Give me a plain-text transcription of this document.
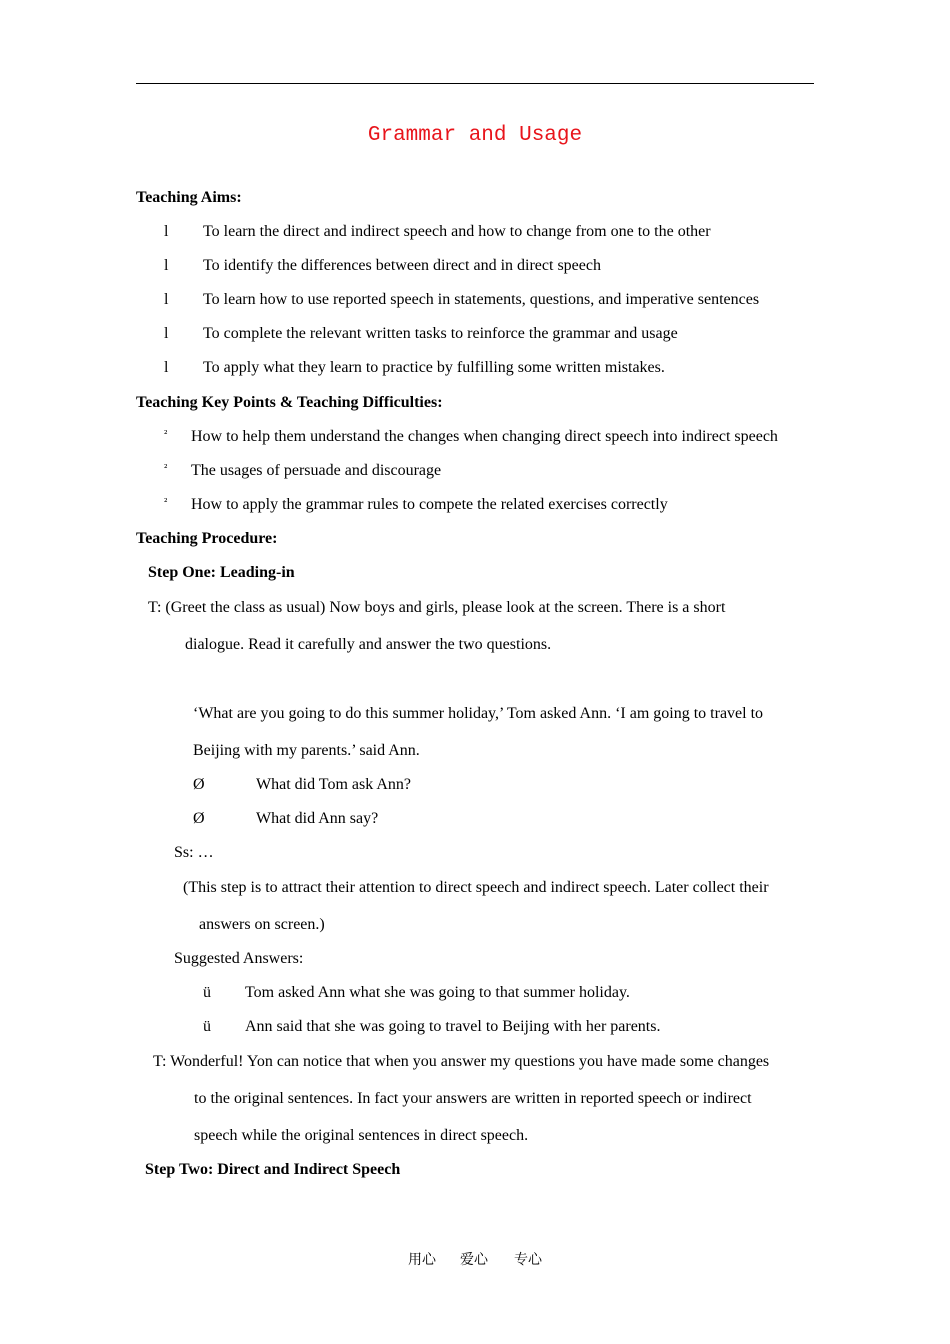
Grammar and Usage
Teaching Aims:
l To learn the direct and indirect speech and how to change from one to the other
l To identify the differences between direct and in direct speech
l To learn how to use reported speech in statements, questions, and imperative sentences
l To complete the relevant written tasks to reinforce the grammar and usage
l To apply what they learn to practice by fulfilling some written mistakes.
Teaching Key Points & Teaching Difficulties:
² How to help them understand the changes when changing direct speech into indirect speech
² The usages of persuade and discourage
² How to apply the grammar rules to compete the related exercises correctly
Teaching Procedure:
Step One: Leading-in
T: (Greet the class as usual) Now boys and girls, please look at the screen. There is a short
dialogue. Read it carefully and answer the two questions.
‘What are you going to do this summer holiday,’ Tom asked Ann. ‘I am going to travel to
Beijing with my parents.’ said Ann.
Ø	What did Tom ask Ann?
Ø	What did Ann say?
Ss: …
(This step is to attract their attention to direct speech and indirect speech. Later collect their
answers on screen.)
Suggested Answers:
ü Tom asked Ann what she was going to that summer holiday.
ü Ann said that she was going to travel to Beijing with her parents.
T: Wonderful! Yon can notice that when you answer my questions you have made some changes
to the original sentences. In fact your answers are written in reported speech or indirect
speech while the original sentences in direct speech.
Step Two: Direct and Indirect Speech
用心 爱心 专心
